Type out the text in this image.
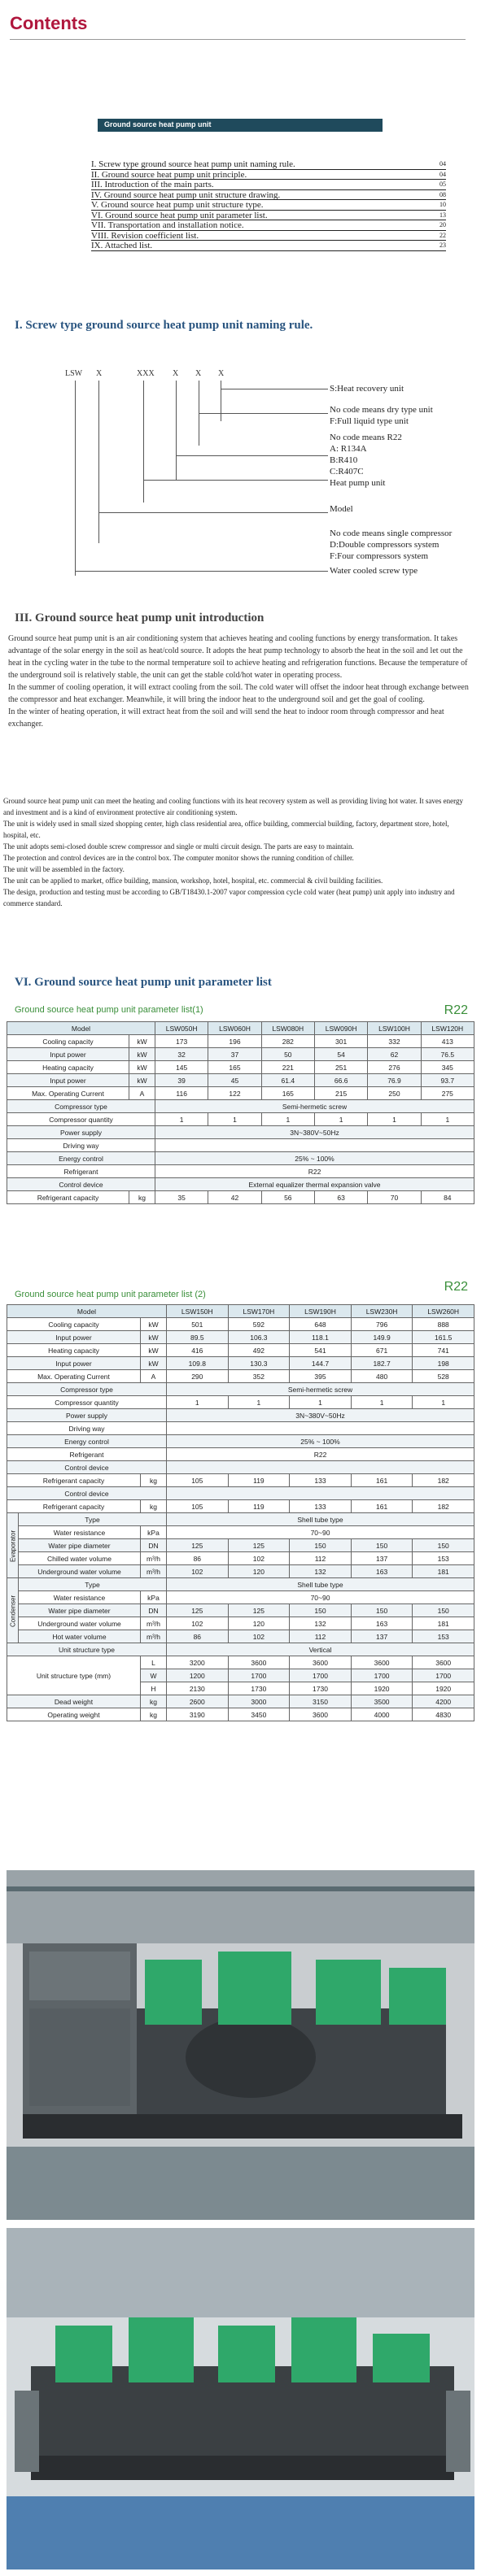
Contents
Ground source heat pump unit
I. Screw type ground source heat pump unit naming rule.	04
II. Ground source heat pump unit principle.	04
III. Introduction of the main parts.	05
IV. Ground source heat pump unit structure drawing.	08
V. Ground source heat pump unit structure type.	10
VI. Ground source heat pump unit parameter list.	13
VII. Transportation and installation notice.	20
VIII. Revision coefficient list.	22
IX. Attached list.	23
I. Screw type ground source heat pump unit naming rule.
LSW X	XXX X X X
S:Heat recovery unit
No code means dry type unit
F:Full liquid type unit
No code means R22
A: R134A
B:R410
C:R407C
Heat pump unit
Model
No code means single compressor
D:Double compressors system
F:Four compressors system
Water cooled screw type
III. Ground source heat pump unit introduction

Ground source heat pump unit is an air conditioning system that achieves heating and cooling functions by energy transformation. It takes advantage of the solar energy in the soil as heat/cold source. It adopts the heat pump technology to absorb the heat in the soil and let out the heat in the cycling water in the tube to the normal temperature soil to achieve heating and refrigeration functions. Because the temperature of the underground soil is relatively stable, the unit can get the stable cold/hot water in operating process.

In the summer of cooling operation, it will extract cooling from the soil. The cold water will offset the indoor heat through exchange between the compressor and heat exchanger. Meanwhile, it will bring the indoor heat to the underground soil and get the goal of cooling.

In the winter of heating operation, it will extract heat from the soil and will send the heat to indoor room through compressor and heat exchanger.

Ground source heat pump unit can meet the heating and cooling functions with its heat recovery system as well as providing living hot water. It saves energy and investment and is a kind of environment protective air conditioning system.

The unit is widely used in small sized shopping center, high class residential area, office building, commercial building, factory, department store, hotel, hospital, etc.

The unit adopts semi-closed double screw compressor and single or multi circuit design. The parts are easy to maintain.

The protection and control devices are in the control box. The computer monitor shows the running condition of chiller.

The unit will be assembled in the factory.

The unit can be applied to market, office building, mansion, workshop, hotel, hospital, etc. commercial & civil building facilities.

The design, production and testing must be according to GB/T18430.1-2007 vapor compression cycle cold water (heat pump) unit apply into industry and commerce standard.

VI. Ground source heat pump unit parameter list
Ground source heat pump unit parameter list(1)	R22
Model		LSW050H	LSW060H	LSW080H	LSW090H	LSW100H	LSW120H
Cooling capacity	kW	173	196	282	301	332	413
Input power	kW	32	37	50	54	62	76.5
Heating capacity	kW	145	165	221	251	276	345
Input power	kW	39	45	61.4	66.6	76.9	93.7
Max. Operating Current	A	116	122	165	215	250	275
Compressor type		Semi-hermetic screw					
Compressor quantity		1	1	1	1	1	1
Power supply		3N~380V~50Hz					
Driving way							
Energy control		25% ~ 100%					
Refrigerant		R22					
Control device		External equalizer thermal expansion valve					
Refrigerant capacity	kg	35	42	56	63	70	84
Ground source heat pump unit parameter list (2)
R22
Model			LSW150H	LSW170H	LSW190H	LSW230H	LSW260H
Cooling capacity		kW	501	592	648	796	888
Input power		kW	89.5	106.3	118.1	149.9	161.5
Heating capacity		kW	416	492	541	671	741
Input power		kW	109.8	130.3	144.7	182.7	198
Max. Operating Current		A	290	352	395	480	528
Compressor type			Semi-hermetic screw				
Compressor quantity			1	1	1	1	1
Power supply			3N~380V~50Hz				
Driving way							
Energy control			25% ~ 100%				
Refrigerant			R22				
Control device							
Refrigerant capacity		kg	105	119	133	161	182
Control device							
Refrigerant capacity		kg	105	119	133	161	182
Evaporator	Type		Shell tube type				
	Water resistance	kPa	70~90				
	Water pipe diameter	DN	125	125	150	150	150
	Chilled water volume	m³/h	86	102	112	137	153
	Underground water volume	m³/h	102	120	132	163	181
Condenser	Type		Shell tube type				
	Water resistance	kPa	70~90				
	Water pipe diameter	DN	125	125	150	150	150
	Underground water volume	m³/h	102	120	132	163	181
	Hot water volume	m³/h	86	102	112	137	153
Unit structure type			Vertical				
Unit structure type (mm)		L	3200	3600	3600	3600	3600
		W	1200	1700	1700	1700	1700
		H	2130	1730	1730	1920	1920
Dead weight		kg	2600	3000	3150	3500	4200
Operating weight		kg	3190	3450	3600	4000	4830
